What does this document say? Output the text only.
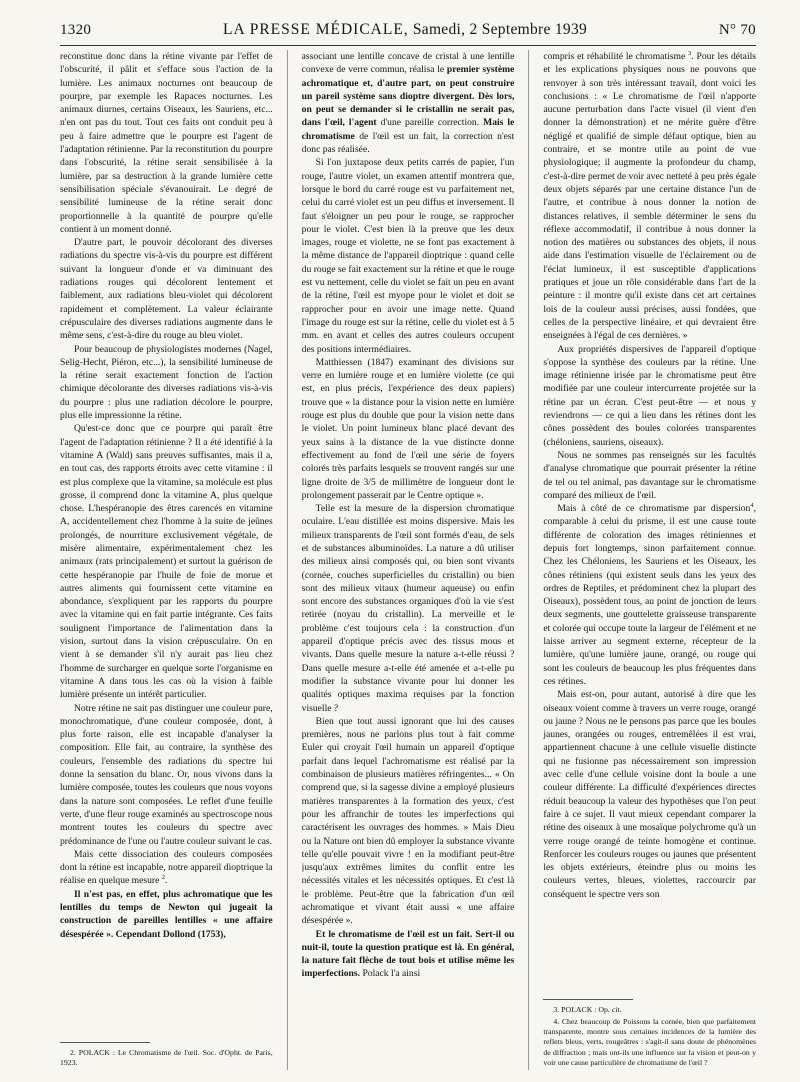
1320	LA PRESSE MÉDICALE, Samedi, 2 Septembre 1939	N° 70

reconstitue donc dans la rétine vivante par l'effet de l'obscurité, il pâlit et s'efface sous l'action de la lumière. Les animaux nocturnes ont beaucoup de pourpre, par exemple les Rapaces nocturnes. Les animaux diurnes, certains Oiseaux, les Sauriens, etc... n'en ont pas du tout. Tout ces faits ont conduit peu à peu à faire admettre que le pourpre est l'agent de l'adaptation rétinienne. Par la reconstitution du pourpre dans l'obscurité, la rétine serait sensibilisée à la lumière, par sa destruction à la grande lumière cette sensibilisation spéciale s'évanouirait. Le degré de sensibilité lumineuse de la rétine serait donc proportionnelle à la quantité de pourpre qu'elle contient à un moment donné.

D'autre part, le pouvoir décolorant des diverses radiations du spectre vis-à-vis du pourpre est différent suivant la longueur d'onde et va diminuant des radiations rouges qui décolorent lentement et faiblement, aux radiations bleu-violet qui décolorent rapidement et complètement. La valeur éclairante crépusculaire des diverses radiations augmente dans le même sens, c'est-à-dire du rouge au bleu violet.

Pour beaucoup de physiologistes modernes (Nagel, Selig-Hecht, Piéron, etc...), la sensibilité lumineuse de la rétine serait exactement fonction de l'action chimique décolorante des diverses radiations vis-à-vis du pourpre : plus une radiation décolore le pourpre, plus elle impressionne la rétine.

Qu'est-ce donc que ce pourpre qui paraît être l'agent de l'adaptation rétinienne ? Il a été identifié à la vitamine A (Wald) sans preuves suffisantes, mais il a, en tout cas, des rapports étroits avec cette vitamine : il est plus complexe que la vitamine, sa molécule est plus grosse, il comprend donc la vitamine A, plus quelque chose. L'hespéranopie des êtres carencés en vitamine A, accidentellement chez l'homme à la suite de jeûnes prolongés, de nourriture exclusivement végétale, de misère alimentaire, expérimentalement chez les animaux (rats principalement) et surtout la guérison de cette hespéranopie par l'huile de foie de morue et autres aliments qui fournissent cette vitamine en abondance, s'expliquent par les rapports du pourpre avec la vitamine qui en fait partie intégrante. Ces faits soulignent l'importance de l'alimentation dans la vision, surtout dans la vision crépusculaire. On en vient à se demander s'il n'y aurait pas lieu chez l'homme de surcharger en quelque sorte l'organisme en vitamine A dans tous les cas où la vision à faible lumière présente un intérêt particulier.

Notre rétine ne sait pas distinguer une couleur pure, monochromatique, d'une couleur composée, dont, à plus forte raison, elle est incapable d'analyser la composition. Elle fait, au contraire, la synthèse des couleurs, l'ensemble des radiations du spectre lui donne la sensation du blanc. Or, nous vivons dans la lumière composée, toutes les couleurs que nous voyons dans la nature sont composées. Le reflet d'une feuille verte, d'une fleur rouge examinés au spectroscope nous montrent toutes les couleurs du spectre avec prédominance de l'une ou l'autre couleur suivant le cas.

Mais cette dissociation des couleurs composées dont la rétine est incapable, notre appareil dioptrique la réalise en quelque mesure $^2$.

Il n'est pas, en effet, plus achromatique que les lentilles du temps de Newton qui jugeait la construction de pareilles lentilles « une affaire désespérée ». Cependant Dollond (1753),

2. POLACK : Le Chromatisme de l'œil. Soc. d'Opht. de Paris, 1923.

associant une lentille concave de cristal à une lentille convexe de verre commun, réalisa le premier système achromatique et, d'autre part, on peut construire un pareil système sans dioptre divergent. Dès lors, on peut se demander si le cristallin ne serait pas, dans l'œil, l'agent d'une pareille correction. Mais le chromatisme de l'œil est un fait, la correction n'est donc pas réalisée.

Si l'on juxtapose deux petits carrés de papier, l'un rouge, l'autre violet, un examen attentif montrera que, lorsque le bord du carré rouge est vu parfaitement net, celui du carré violet est un peu diffus et inversement. Il faut s'éloigner un peu pour le rouge, se rapprocher pour le violet. C'est bien là la preuve que les deux images, rouge et violette, ne se font pas exactement à la même distance de l'appareil dioptrique : quand celle du rouge se fait exactement sur la rétine et que le rouge est vu nettement, celle du violet se fait un peu en avant de la rétine, l'œil est myope pour le violet et doit se rapprocher pour en avoir une image nette. Quand l'image du rouge est sur la rétine, celle du violet est à 5 mm. en avant et celles des autres couleurs occupent des positions intermédiaires.

Matthiessen (1847) examinant des divisions sur verre en lumière rouge et en lumière violette (ce qui est, en plus précis, l'expérience des deux papiers) trouve que « la distance pour la vision nette en lumière rouge est plus du double que pour la vision nette dans le violet. Un point lumineux blanc placé devant des yeux sains à la distance de la vue distincte donne effectivement au fond de l'œil une série de foyers colorés très parfaits lesquels se trouvent rangés sur une ligne droite de 3/5 de millimètre de longueur dont le prolongement passerait par le Centre optique ».

Telle est la mesure de la dispersion chromatique oculaire. L'eau distillée est moins dispersive. Mais les milieux transparents de l'œil sont formés d'eau, de sels et de substances albuminoïdes. La nature a dû utiliser des milieux ainsi composés qui, ou bien sont vivants (cornée, couches superficielles du cristallin) ou bien sont des milieux vitaux (humeur aqueuse) ou enfin sont encore des substances organiques d'où la vie s'est retirée (noyau du cristallin). La merveille et le problème c'est toujours cela : la construction d'un appareil d'optique précis avec des tissus mous et vivants. Dans quelle mesure la nature a-t-elle réussi ? Dans quelle mesure a-t-elle été amenée et a-t-elle pu modifier la substance vivante pour lui donner les qualités optiques maxima requises par la fonction visuelle ?

Bien que tout aussi ignorant que lui des causes premières, nous ne parlons plus tout à fait comme Euler qui croyait l'œil humain un appareil d'optique parfait dans lequel l'achromatisme est réalisé par la combinaison de plusieurs matières réfringentes... « On comprend que, si la sagesse divine a employé plusieurs matières transparentes à la formation des yeux, c'est pour les affranchir de toutes les imperfections qui caractérisent les ouvrages des hommes. » Mais Dieu ou la Nature ont bien dû employer la substance vivante telle qu'elle pouvait vivre ! en la modifiant peut-être jusqu'aux extrêmes limites du conflit entre les nécessités vitales et les nécessités optiques. Et c'est là le problème. Peut-être que la fabrication d'un œil achromatique et vivant était aussi « une affaire désespérée ».

Et le chromatisme de l'œil est un fait. Sert-il ou nuit-il, toute la question pratique est là. En général, la nature fait flèche de tout bois et utilise même les imperfections. Polack l'a ainsi

compris et réhabilité le chromatisme $^3$. Pour les détails et les explications physiques nous ne pouvons que renvoyer à son très intéressant travail, dont voici les conclusions : « Le chromatisme de l'œil n'apporte aucune perturbation dans l'acte visuel (il vient d'en donner la démonstration) et ne mérite guère d'être négligé et qualifié de simple défaut optique, bien au contraire, et se montre utile au point de vue physiologique; il augmente la profondeur du champ, c'est-à-dire permet de voir avec netteté à peu près égale deux objets séparés par une certaine distance l'un de l'autre, et contribue à nous donner la notion de distances relatives, il semble déterminer le sens du réflexe accommodatif, il contribue à nous donner la notion des matières ou substances des objets, il nous aide dans l'estimation visuelle de l'éclairement ou de l'éclat lumineux, il est susceptible d'applications pratiques et joue un rôle considérable dans l'art de la peinture : il montre qu'il existe dans cet art certaines lois de la couleur aussi précises, aussi fondées, que celles de la perspective linéaire, et qui devraient être enseignées à l'égal de ces dernières. »

Aux propriétés dispersives de l'appareil d'optique s'oppose la synthèse des couleurs par la rétine. Une image rétinienne irisée par le chromatisme peut être modifiée par une couleur intercurrente projetée sur la rétine par un écran. C'est peut-être — et nous y reviendrons — ce qui a lieu dans les rétines dont les cônes possèdent des boules colorées transparentes (chéloniens, sauriens, oiseaux).

Nous ne sommes pas renseignés sur les facultés d'analyse chromatique que pourrait présenter la rétine de tel ou tel animal, pas davantage sur le chromatisme comparé des milieux de l'œil.

Mais à côté de ce chromatisme par dispersion$^4$, comparable à celui du prisme, il est une cause toute différente de coloration des images rétiniennes et depuis fort longtemps, sinon parfaitement connue. Chez les Chéloniens, les Sauriens et les Oiseaux, les cônes rétiniens (qui existent seuls dans les yeux des ordres de Reptiles, et prédominent chez la plupart des Oiseaux), possèdent tous, au point de jonction de leurs deux segments, une gouttelette graisseuse transparente et colorée qui occupe toute la largeur de l'élément et ne laisse arriver au segment externe, récepteur de la lumière, qu'une lumière jaune, orangé, ou rouge qui sont les couleurs de beaucoup les plus fréquentes dans ces rétines.

Mais est-on, pour autant, autorisé à dire que les oiseaux voient comme à travers un verre rouge, orangé ou jaune ? Nous ne le pensons pas parce que les boules jaunes, orangées ou rouges, entremêlées il est vrai, appartiennent chacune à une cellule visuelle distincte qui ne fusionne pas nécessairement son impression avec celle d'une cellule voisine dont la boule a une couleur différente. La difficulté d'expériences directes réduit beaucoup la valeur des hypothèses que l'on peut faire à ce sujet. Il vaut mieux cependant comparer la rétine des oiseaux à une mosaïque polychrome qu'à un verre rouge orangé de teinte homogène et continue. Renforcer les couleurs rouges ou jaunes que présentent les objets extérieurs, éteindre plus ou moins les couleurs vertes, bleues, violettes, raccourcir par conséquent le spectre vers son

3. POLACK : Op. cit.

4. Chez beaucoup de Poissons la cornée, bien que parfaitement transparente, montre sous certaines incidences de la lumière des reflets bleus, verts, rougeâtres : s'agit-il sans doute de phénomènes de diffraction ; mais ont-ils une influence sur la vision et peut-on y voir une cause particulière de chromatisme de l'œil ?
